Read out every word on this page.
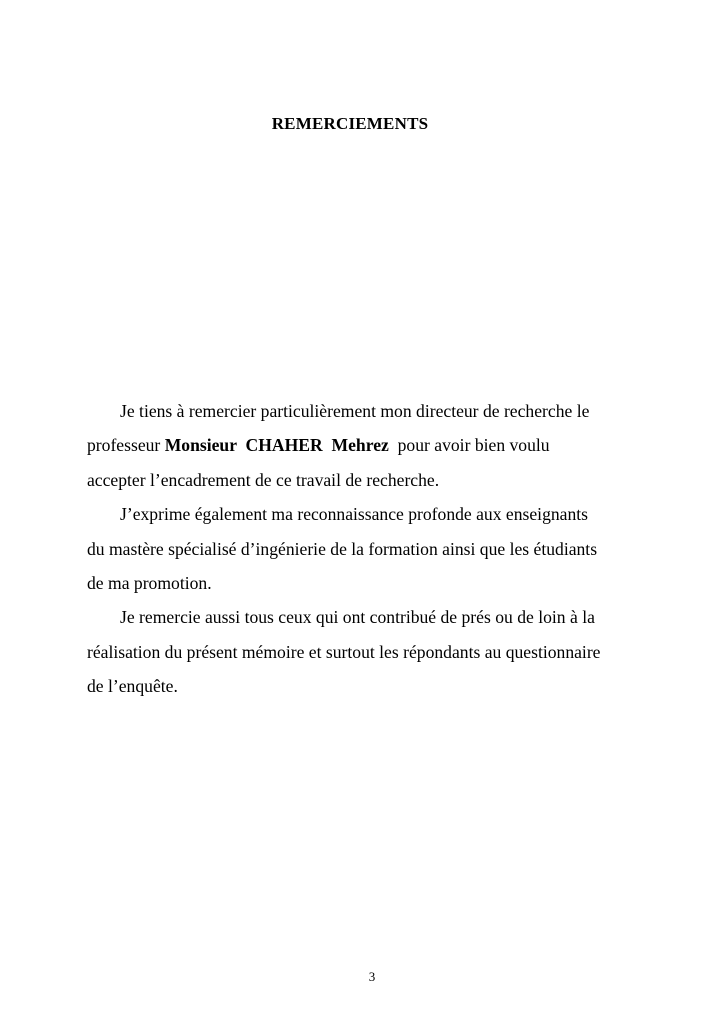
REMERCIEMENTS
Je tiens à remercier particulièrement mon directeur de recherche le
professeur Monsieur  CHAHER  Mehrez  pour avoir bien voulu
accepter l’encadrement de ce travail de recherche.
J’exprime également ma reconnaissance profonde aux enseignants
du mastère spécialisé d’ingénierie de la formation ainsi que les étudiants
de ma promotion.
Je remercie aussi tous ceux qui ont contribué de prés ou de loin à la
réalisation du présent mémoire et surtout les répondants au questionnaire
de l’enquête.

3
